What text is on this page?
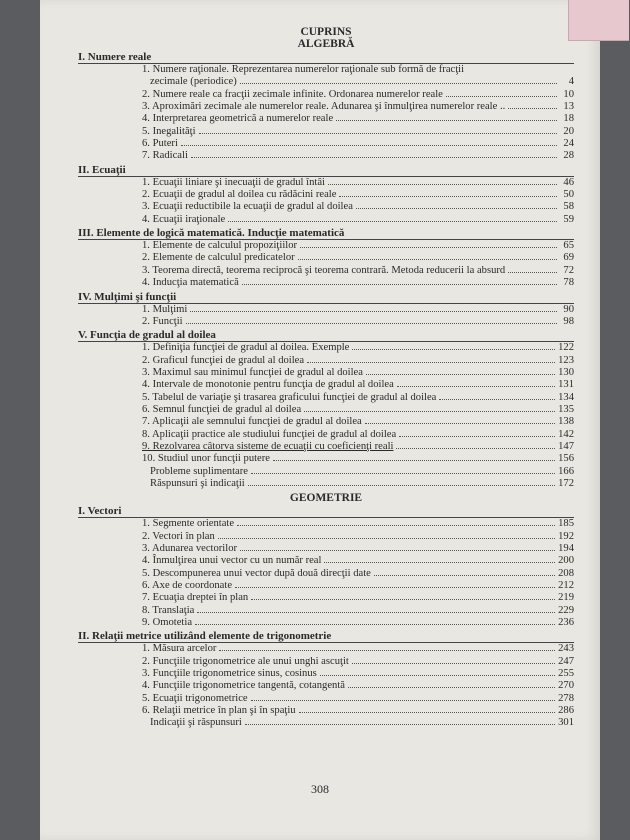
CUPRINS
ALGEBRĂ
I. Numere reale
1. Numere raţionale. Reprezentarea numerelor raţionale sub formă de fracţii
zecimale (periodice)	4
2. Numere reale ca fracţii zecimale infinite. Ordonarea numerelor reale	10
3. Aproximări zecimale ale numerelor reale. Adunarea şi înmulţirea numerelor reale ..	13
4. Interpretarea geometrică a numerelor reale	18
5. Inegalităţi	20
6. Puteri	24
7. Radicali	28
II. Ecuaţii
1. Ecuaţii liniare şi inecuaţii de gradul întâi	46
2. Ecuaţii de gradul al doilea cu rădăcini reale	50
3. Ecuaţii reductibile la ecuaţii de gradul al doilea	58
4. Ecuaţii iraţionale	59
III. Elemente de logică matematică. Inducţie matematică
1. Elemente de calculul propoziţiilor	65
2. Elemente de calculul predicatelor	69
3. Teorema directă, teorema reciprocă şi teorema contrară. Metoda reducerii la absurd	72
4. Inducţia matematică	78
IV. Mulţimi şi funcţii
1. Mulţimi	90
2. Funcţii	98
V. Funcţia de gradul al doilea
1. Definiţia funcţiei de gradul al doilea. Exemple	122
2. Graficul funcţiei de gradul al doilea	123
3. Maximul sau minimul funcţiei de gradul al doilea	130
4. Intervale de monotonie pentru funcţia de gradul al doilea	131
5. Tabelul de variaţie şi trasarea graficului funcţiei de gradul al doilea	134
6. Semnul funcţiei de gradul al doilea	135
7. Aplicaţii ale semnului funcţiei de gradul al doilea	138
8. Aplicaţii practice ale studiului funcţiei de gradul al doilea	142
9. Rezolvarea câtorva sisteme de ecuaţii cu coeficienţi reali	147
10. Studiul unor funcţii putere	156
Probleme suplimentare	166
Răspunsuri şi indicaţii	172
GEOMETRIE
I. Vectori
1. Segmente orientate	185
2. Vectori în plan	192
3. Adunarea vectorilor	194
4. Înmulţirea unui vector cu un număr real	200
5. Descompunerea unui vector după două direcţii date	208
6. Axe de coordonate	212
7. Ecuaţia dreptei în plan	219
8. Translaţia	229
9. Omotetia	236
II. Relaţii metrice utilizând elemente de trigonometrie
1. Măsura arcelor	243
2. Funcţiile trigonometrice ale unui unghi ascuţit	247
3. Funcţiile trigonometrice sinus, cosinus	255
4. Funcţiile trigonometrice tangentă, cotangentă	270
5. Ecuaţii trigonometrice	278
6. Relaţii metrice în plan şi în spaţiu	286
Indicaţii şi răspunsuri	301
308
